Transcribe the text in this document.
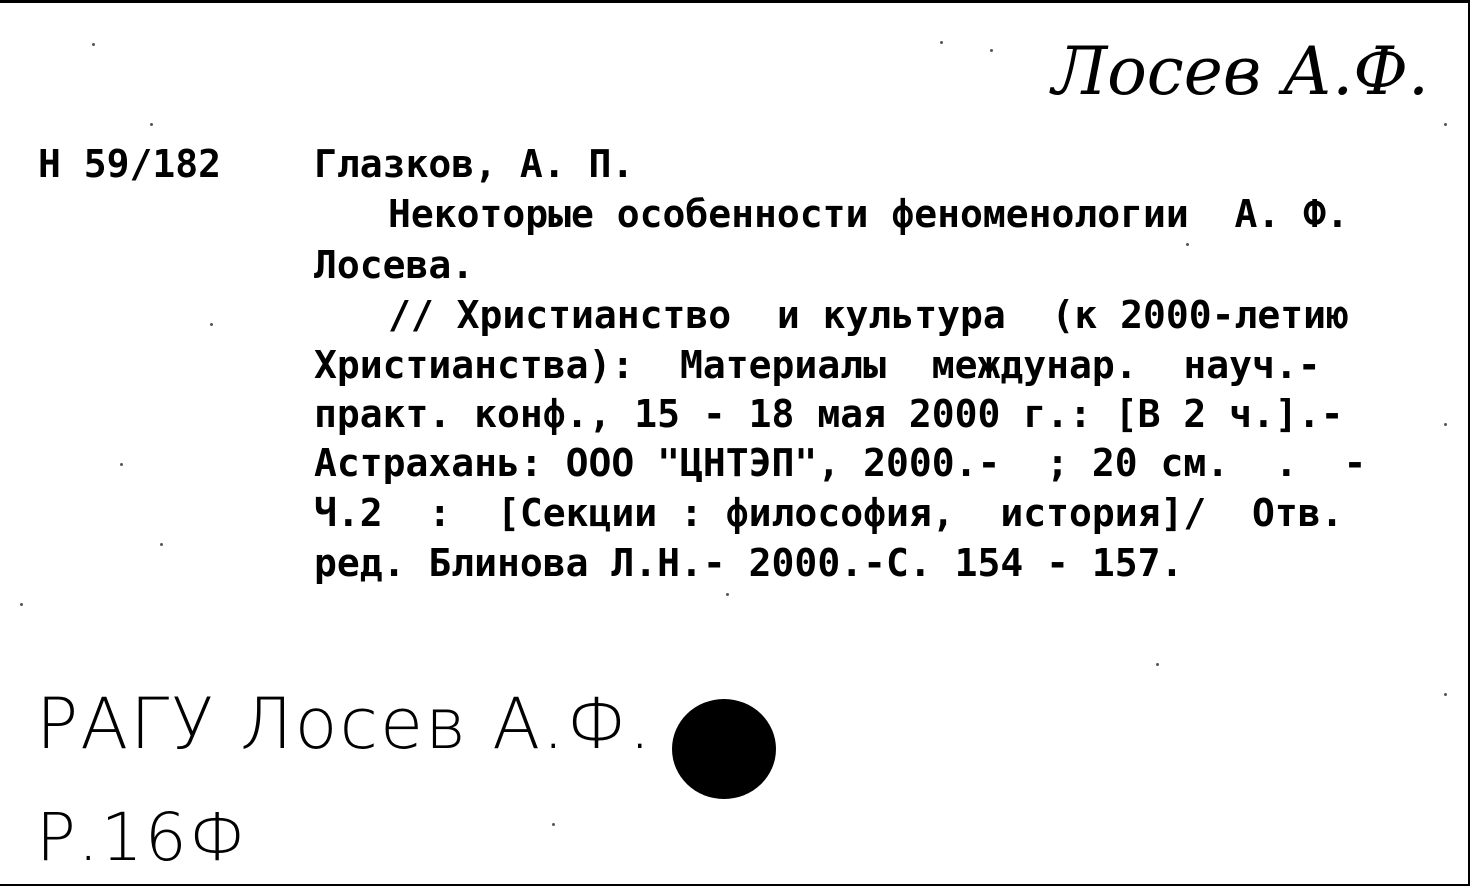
Лосев А.Ф.
Н 59/182 Глазков, А. П.
Некоторые особенности феноменологии  А. Ф.
Лосева.
// Христианство  и культура  (к 2000-летию
Христианства):  Материалы  междунар.  науч.-
практ. конф., 15 - 18 мая 2000 г.: [В 2 ч.].-
Астрахань: ООО "ЦНТЭП", 2000.-  ; 20 см.  .  -
Ч.2  :  [Секции : философия,  история]/  Отв.
ред. Блинова Л.Н.- 2000.-С. 154 - 157.
РАГУ Лосев А.Ф.
Р.16Ф
